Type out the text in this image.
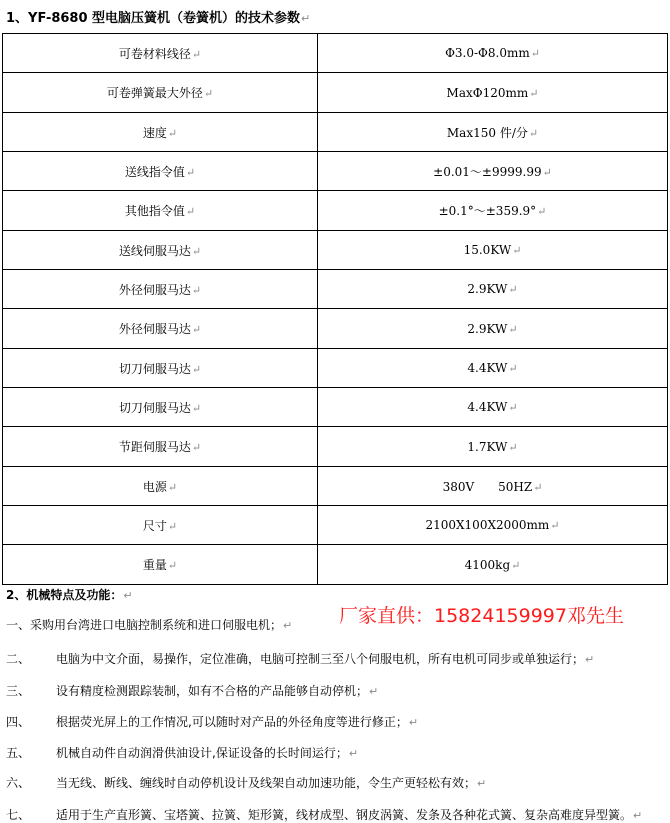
1、YF-8680 型电脑压簧机（卷簧机）的技术参数↵
可卷材料线径↵	Φ3.0-Φ8.0mm↵
可卷弹簧最大外径↵	MaxΦ120mm↵
速度↵	Max150 件/分↵
送线指令值↵	±0.01～±9999.99↵
其他指令值↵	±0.1°～±359.9°↵
送线伺服马达↵	15.0KW↵
外径伺服马达↵	2.9KW↵
外径伺服马达↵	2.9KW↵
切刀伺服马达↵	4.4KW↵
切刀伺服马达↵	4.4KW↵
节距伺服马达↵	1.7KW↵
电源↵	380V　　50HZ↵
尺寸↵	2100X100X2000mm↵
重量↵	4100kg↵
2、机械特点及功能：↵
厂家直供：15824159997邓先生
一、 采购用台湾进口电脑控制系统和进口伺服电机；↵
二、 电脑为中文介面，易操作，定位准确，电脑可控制三至八个伺服电机，所有电机可同步或单独运行；↵
三、 设有精度检测跟踪装制，如有不合格的产品能够自动停机；↵
四、 根据荧光屏上的工作情况,可以随时对产品的外径角度等进行修正；↵
五、 机械自动件自动润滑供油设计,保证设备的长时间运行；↵
六、 当无线、断线、缠线时自动停机设计及线架自动加速功能，令生产更轻松有效；↵
七、 适用于生产直形簧、宝塔簧、拉簧、矩形簧，线材成型、钢皮涡簧、发条及各种花式簧、复杂高难度异型簧。↵
